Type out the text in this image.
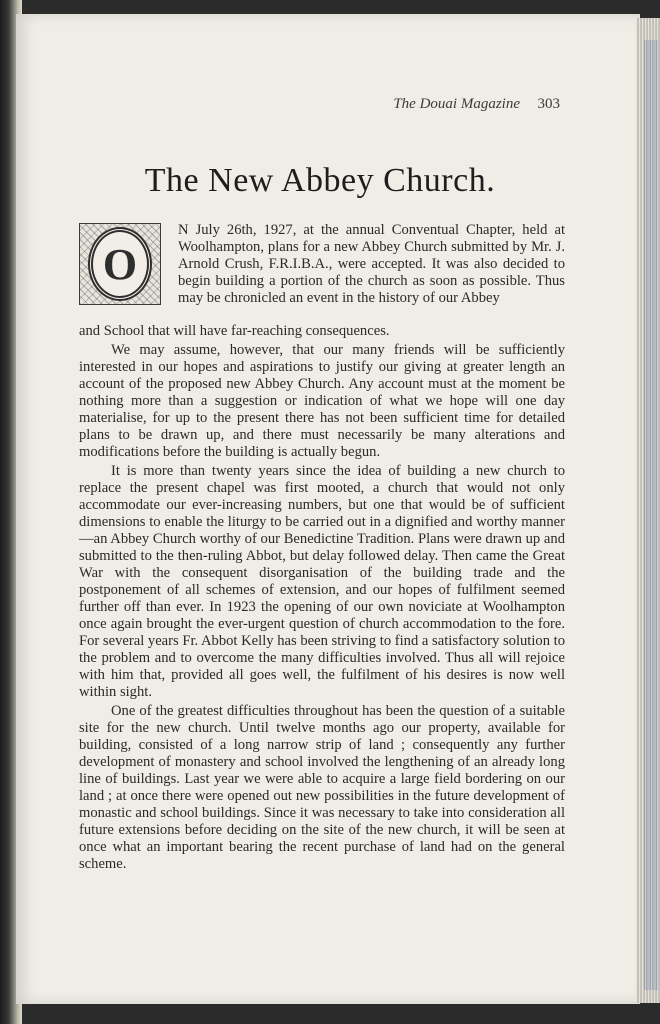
The Douai Magazine 303
The New Abbey Church.
O
N July 26th, 1927, at the annual Conventual Chapter, held at Woolhampton, plans for a new Abbey Church submitted by Mr. J. Arnold Crush, F.R.I.B.A., were accepted. It was also decided to begin building a portion of the church as soon as possible. Thus may be chronicled an event in the history of our Abbey
and School that will have far-reaching consequences.

We may assume, however, that our many friends will be sufficiently interested in our hopes and aspirations to justify our giving at greater length an account of the proposed new Abbey Church. Any account must at the moment be nothing more than a suggestion or indication of what we hope will one day materialise, for up to the present there has not been sufficient time for detailed plans to be drawn up, and there must necessarily be many alterations and modifications before the building is actually begun.

It is more than twenty years since the idea of building a new church to replace the present chapel was first mooted, a church that would not only accommodate our ever-increasing numbers, but one that would be of sufficient dimensions to enable the liturgy to be carried out in a dignified and worthy manner—an Abbey Church worthy of our Benedictine Tradition. Plans were drawn up and submitted to the then-ruling Abbot, but delay followed delay. Then came the Great War with the consequent disorganisation of the building trade and the postponement of all schemes of extension, and our hopes of fulfilment seemed further off than ever. In 1923 the opening of our own noviciate at Woolhampton once again brought the ever-urgent question of church accommodation to the fore. For several years Fr. Abbot Kelly has been striving to find a satisfactory solution to the problem and to overcome the many difficulties involved. Thus all will rejoice with him that, provided all goes well, the fulfilment of his desires is now well within sight.

One of the greatest difficulties throughout has been the question of a suitable site for the new church. Until twelve months ago our property, available for building, consisted of a long narrow strip of land ; consequently any further development of monastery and school involved the lengthening of an already long line of buildings. Last year we were able to acquire a large field bordering on our land ; at once there were opened out new possibilities in the future development of monastic and school buildings. Since it was necessary to take into consideration all future extensions before deciding on the site of the new church, it will be seen at once what an important bearing the recent purchase of land had on the general scheme.
